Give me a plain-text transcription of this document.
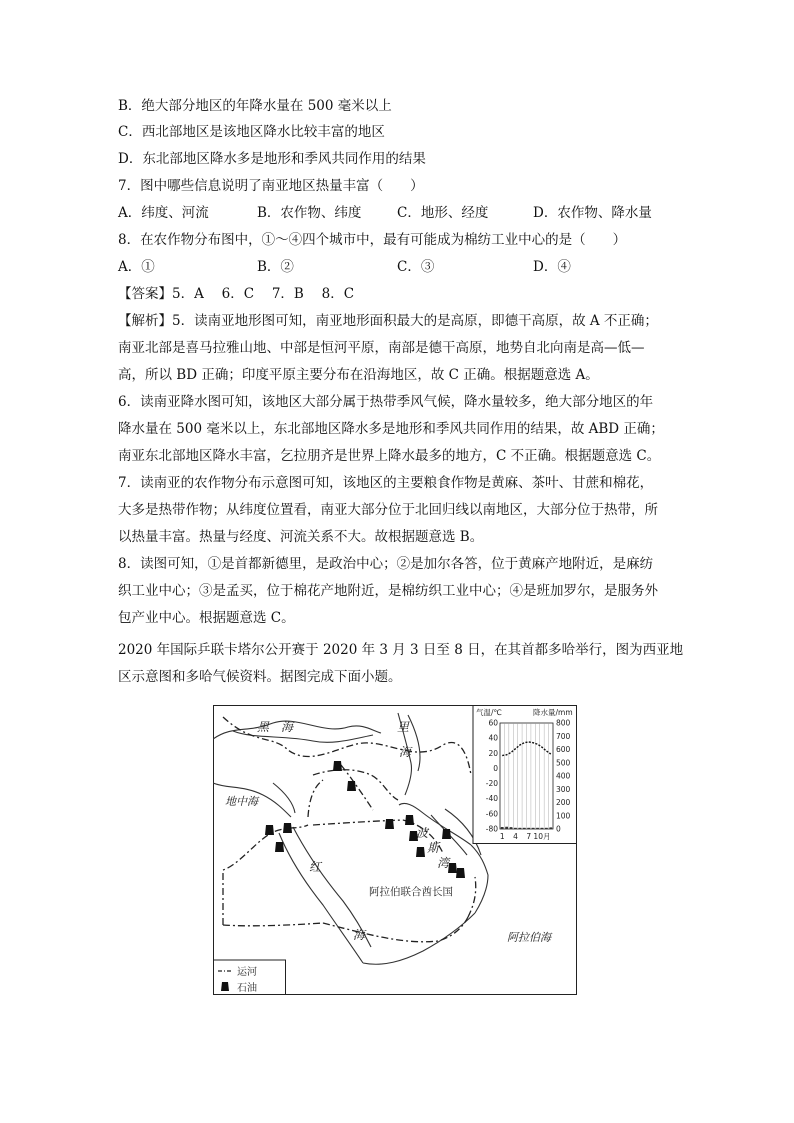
B．绝大部分地区的年降水量在 500 毫米以上
C．西北部地区是该地区降水比较丰富的地区
D．东北部地区降水多是地形和季风共同作用的结果
7．图中哪些信息说明了南亚地区热量丰富（　　）
A．纬度、河流	B．农作物、纬度	C．地形、经度	D．农作物、降水量
8．在农作物分布图中，①～④四个城市中，最有可能成为棉纺工业中心的是（　　）
A．①	B．②	C．③	D．④
【答案】5．A　 6．C　 7．B　 8．C
【解析】5．读南亚地形图可知，南亚地形面积最大的是高原，即德干高原，故 A 不正确；
南亚北部是喜马拉雅山地、中部是恒河平原，南部是德干高原，地势自北向南是高—低—
高，所以 BD 正确；印度平原主要分布在沿海地区，故 C 正确。根据题意选 A。
6．读南亚降水图可知，该地区大部分属于热带季风气候，降水量较多，绝大部分地区的年
降水量在 500 毫米以上，东北部地区降水多是地形和季风共同作用的结果，故 ABD 正确；
南亚东北部地区降水丰富，乞拉朋齐是世界上降水最多的地方，C 不正确。根据题意选 C。
7．读南亚的农作物分布示意图可知，该地区的主要粮食作物是黄麻、茶叶、甘蔗和棉花，
大多是热带作物；从纬度位置看，南亚大部分位于北回归线以南地区，大部分位于热带，所
以热量丰富。热量与经度、河流关系不大。故根据题意选 B。
8．读图可知，①是首都新德里，是政治中心；②是加尔各答，位于黄麻产地附近，是麻纺
织工业中心；③是孟买，位于棉花产地附近，是棉纺织工业中心；④是班加罗尔，是服务外
包产业中心。根据题意选 C。
2020 年国际乒联卡塔尔公开赛于 2020 年 3 月 3 日至 8 日，在其首都多哈举行，图为西亚地
区示意图和多哈气候资料。据图完成下面小题。
黑　海	里
海
地中海
红
海
波
斯
湾
阿拉伯海
阿拉伯联合酋长国
运河
石油
气温/℃	降水量/mm
60
40
20
0
-20
-40
-60
-80
800
700
600
500
400
300
200
100
0
1 4 7 10月
